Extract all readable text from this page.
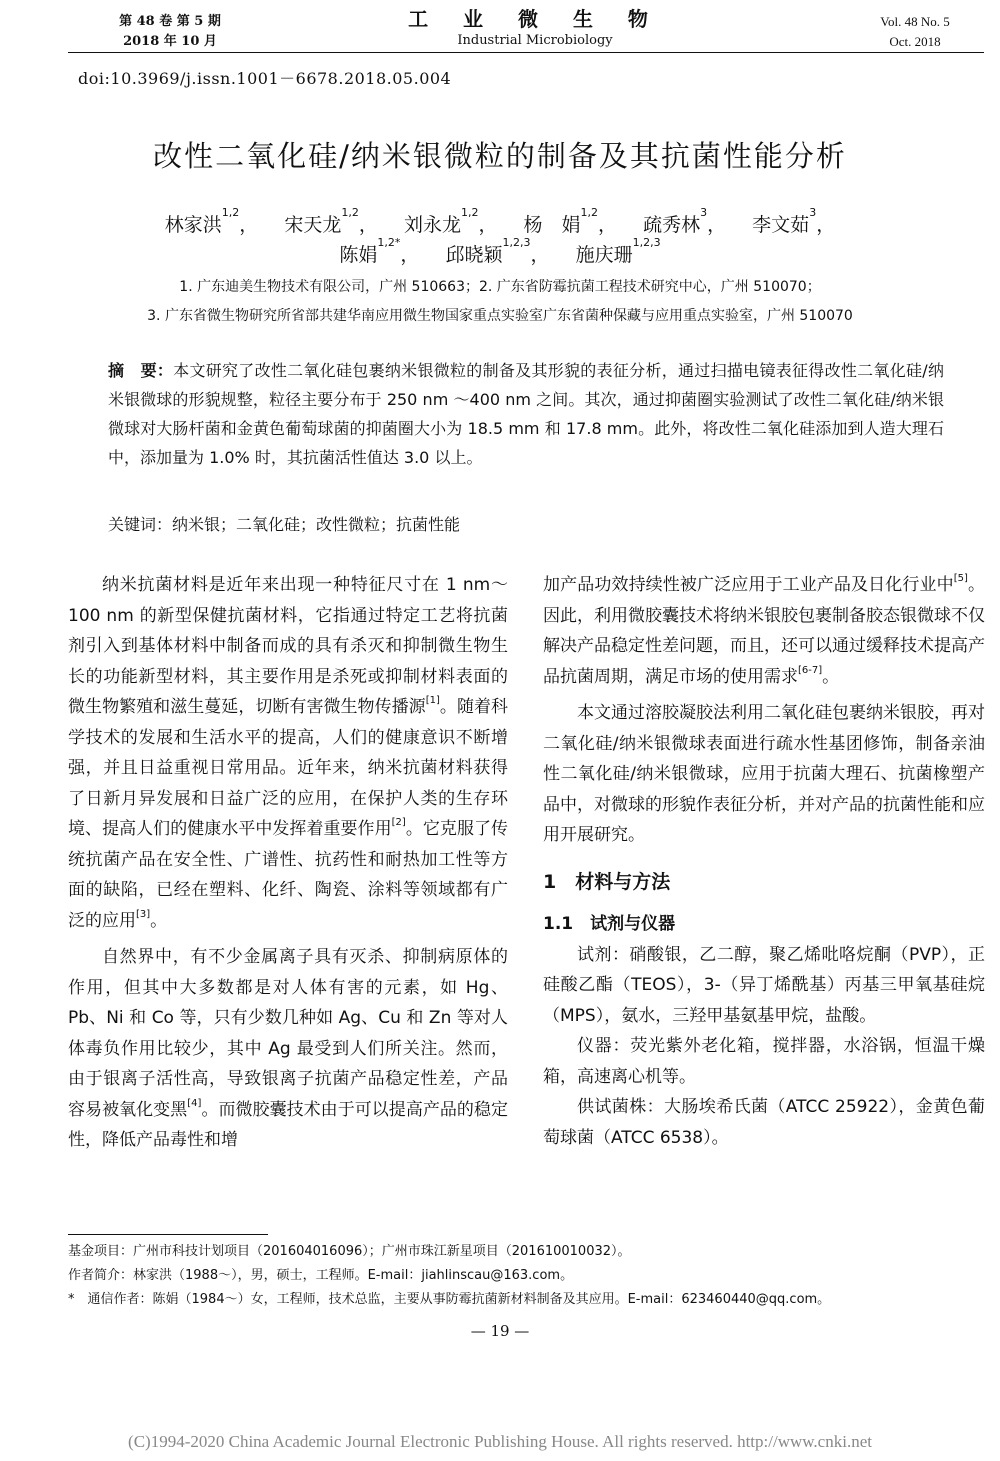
第 48 卷 第 5 期
2018 年 10 月
工 业 微 生 物
Industrial Microbiology
Vol. 48 No. 5
Oct. 2018
doi:10.3969/j.issn.1001－6678.2018.05.004
改性二氧化硅/纳米银微粒的制备及其抗菌性能分析
林家洪$^{1,2}$， 宋天龙$^{1,2}$， 刘永龙$^{1,2}$， 杨　娟$^{1,2}$， 疏秀林$^3$， 李文茹$^3$，
陈娟$^{1,2*}$， 邱晓颖$^{1,2,3}$， 施庆珊$^{1,2,3}$
1. 广东迪美生物技术有限公司，广州 510663；2. 广东省防霉抗菌工程技术研究中心，广州 510070；
3. 广东省微生物研究所省部共建华南应用微生物国家重点实验室广东省菌种保藏与应用重点实验室，广州 510070
摘　要：本文研究了改性二氧化硅包裹纳米银微粒的制备及其形貌的表征分析，通过扫描电镜表征得改性二氧化硅/纳米银微球的形貌规整，粒径主要分布于 250 nm ～400 nm 之间。其次，通过抑菌圈实验测试了改性二氧化硅/纳米银微球对大肠杆菌和金黄色葡萄球菌的抑菌圈大小为 18.5 mm 和 17.8 mm。此外，将改性二氧化硅添加到人造大理石中，添加量为 1.0% 时，其抗菌活性值达 3.0 以上。
关键词：纳米银；二氧化硅；改性微粒；抗菌性能

纳米抗菌材料是近年来出现一种特征尺寸在 1 nm～100 nm 的新型保健抗菌材料，它指通过特定工艺将抗菌剂引入到基体材料中制备而成的具有杀灭和抑制微生物生长的功能新型材料，其主要作用是杀死或抑制材料表面的微生物繁殖和滋生蔓延，切断有害微生物传播源[1]。随着科学技术的发展和生活水平的提高，人们的健康意识不断增强，并且日益重视日常用品。近年来，纳米抗菌材料获得了日新月异发展和日益广泛的应用，在保护人类的生存环境、提高人们的健康水平中发挥着重要作用[2]。它克服了传统抗菌产品在安全性、广谱性、抗药性和耐热加工性等方面的缺陷，已经在塑料、化纤、陶瓷、涂料等领域都有广泛的应用[3]。

自然界中，有不少金属离子具有灭杀、抑制病原体的作用，但其中大多数都是对人体有害的元素，如 Hg、Pb、Ni 和 Co 等，只有少数几种如 Ag、Cu 和 Zn 等对人体毒负作用比较少，其中 Ag 最受到人们所关注。然而，由于银离子活性高，导致银离子抗菌产品稳定性差，产品容易被氧化变黑[4]。而微胶囊技术由于可以提高产品的稳定性，降低产品毒性和增

加产品功效持续性被广泛应用于工业产品及日化行业中[5]。因此，利用微胶囊技术将纳米银胶包裹制备胶态银微球不仅解决产品稳定性差问题，而且，还可以通过缓释技术提高产品抗菌周期，满足市场的使用需求[6-7]。

本文通过溶胶凝胶法利用二氧化硅包裹纳米银胶，再对二氧化硅/纳米银微球表面进行疏水性基团修饰，制备亲油性二氧化硅/纳米银微球，应用于抗菌大理石、抗菌橡塑产品中，对微球的形貌作表征分析，并对产品的抗菌性能和应用开展研究。

1　材料与方法
1.1　试剂与仪器

试剂：硝酸银，乙二醇，聚乙烯吡咯烷酮（PVP），正硅酸乙酯（TEOS），3-（异丁烯酰基）丙基三甲氧基硅烷（MPS），氨水，三羟甲基氨基甲烷，盐酸。

仪器：荧光紫外老化箱，搅拌器，水浴锅，恒温干燥箱，高速离心机等。

供试菌株：大肠埃希氏菌（ATCC 25922），金黄色葡萄球菌（ATCC 6538）。

基金项目：广州市科技计划项目（201604016096）；广州市珠江新星项目（201610010032）。
作者简介：林家洪（1988～），男，硕士，工程师。E-mail：jiahlinscau@163.com。
*　通信作者：陈娟（1984～）女，工程师，技术总监，主要从事防霉抗菌新材料制备及其应用。E-mail：623460440@qq.com。
— 19 —
(C)1994-2020 China Academic Journal Electronic Publishing House. All rights reserved. http://www.cnki.net
